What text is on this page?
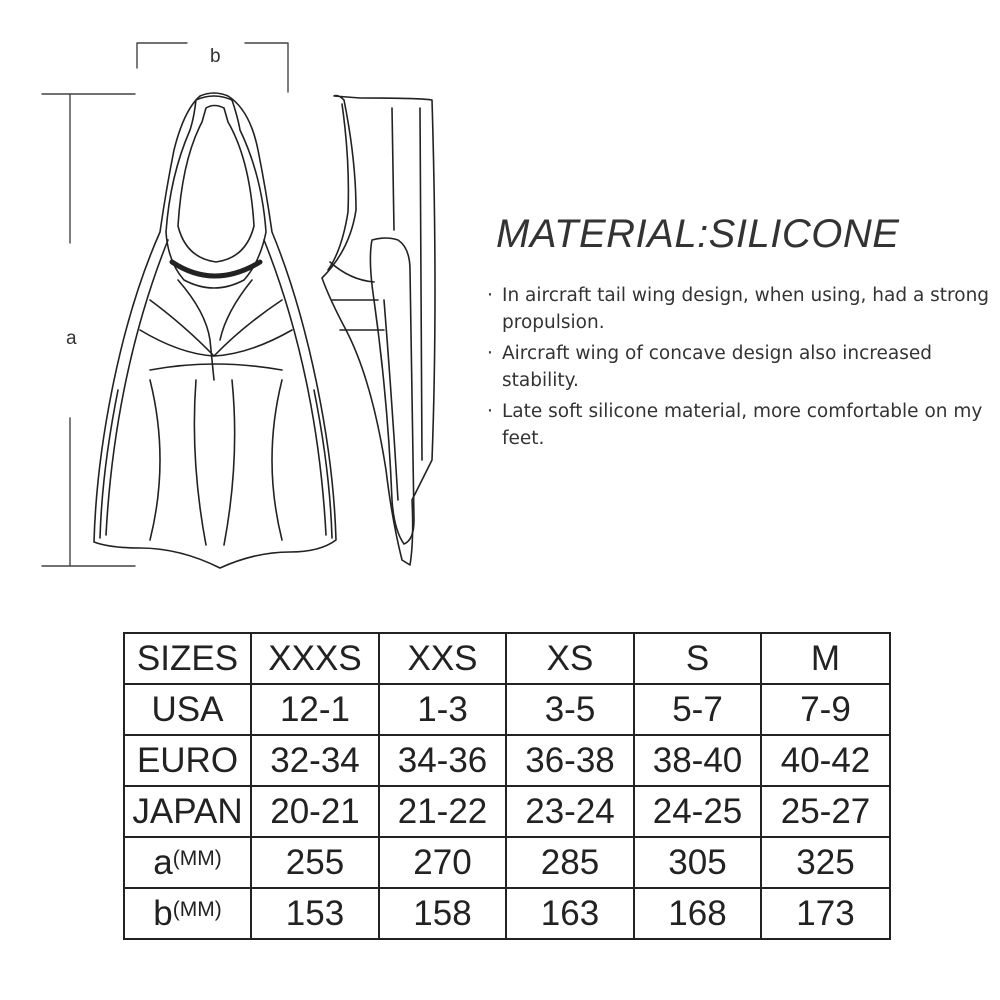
b
a
MATERIAL:SILICONE
· In aircraft tail wing design, when using, had a strong propulsion.
· Aircraft wing of concave design also increased stability.
· Late soft silicone material, more comfortable on my feet.
SIZES	XXXS	XXS	XS	S	M
USA	12-1	1-3	3-5	5-7	7-9
EURO	32-34	34-36	36-38	38-40	40-42
JAPAN	20-21	21-22	23-24	24-25	25-27
$a^{(MM)}$	255	270	285	305	325
$b^{(MM)}$	153	158	163	168	173
